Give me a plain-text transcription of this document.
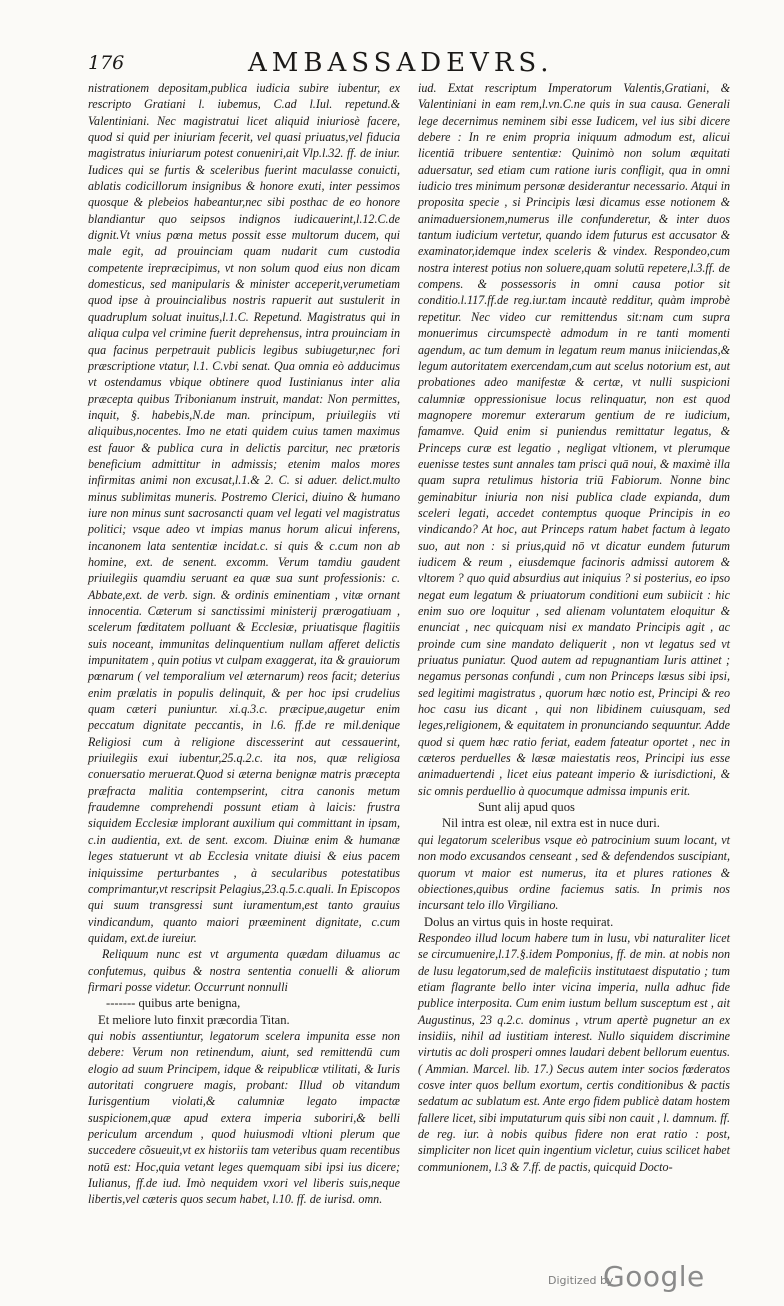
176	AMBASSADEVRS.

nistrationem depositam,publica iudicia subire iubentur, ex rescripto Gratiani l. iubemus, C.ad l.Iul. repetund.& Valentiniani. Nec magistratui licet aliquid iniuriosè facere, quod si quid per iniuriam fecerit, vel quasi priuatus,vel fiducia magistratus iniuriarum potest conueniri,ait Vlp.l.32. ff. de iniur. Iudices qui se furtis & sceleribus fuerint maculasse conuicti, ablatis codicillorum insignibus & honore exuti, inter pessimos quosque & plebeios habeantur,nec sibi posthac de eo honore blandiantur quo seipsos indignos iudicauerint,l.12.C.de dignit.Vt vnius pœna metus possit esse multorum ducem, qui male egit, ad prouinciam quam nudarit cum custodia competente irepræcipimus, vt non solum quod eius non dicam domesticus, sed manipularis & minister acceperit,verumetiam quod ipse à prouincialibus nostris rapuerit aut sustulerit in quadruplum soluat inuitus,l.1.C. Repetund. Magistratus qui in aliqua culpa vel crimine fuerit deprehensus, intra prouinciam in qua facinus perpetrauit publicis legibus subiugetur,nec fori præscriptione vtatur, l.1. C.vbi senat. Qua omnia eò adducimus vt ostendamus vbique obtinere quod Iustinianus inter alia præcepta quibus Tribonianum instruit, mandat: Non permittes, inquit, §. habebis,N.de man. principum, priuilegiis vti aliquibus,nocentes. Imo ne etati quidem cuius tamen maximus est fauor & publica cura in delictis parcitur, nec prætoris beneficium admittitur in admissis; etenim malos mores infirmitas animi non excusat,l.1.& 2. C. si aduer. delict.multo minus sublimitas muneris. Postremo Clerici, diuino & humano iure non minus sunt sacrosancti quam vel legati vel magistratus politici; vsque adeo vt impias manus horum alicui inferens, incanonem lata sententiæ incidat.c. si quis & c.cum non ab homine, ext. de senent. excomm. Verum tamdiu gaudent priuilegiis quamdiu seruant ea quæ sua sunt professionis: c. Abbate,ext. de verb. sign. & ordinis eminentiam , vitæ ornant innocentia. Cæterum si sanctissimi ministerij prærogatiuam , scelerum fœditatem polluant & Ecclesiæ, priuatisque flagitiis suis noceant, immunitas delinquentium nullam afferet delictis impunitatem , quin potius vt culpam exaggerat, ita & grauiorum pœnarum ( vel temporalium vel æternarum) reos facit; deterius enim prælatis in populis delinquit, & per hoc ipsi crudelius quam cæteri puniuntur. xi.q.3.c. præcipue,augetur enim peccatum dignitate peccantis, in l.6. ff.de re mil.denique Religiosi cum à religione discesserint aut cessauerint, priuilegiis exui iubentur,25.q.2.c. ita nos, quæ religiosa conuersatio meruerat.Quod si æterna benignæ matris præcepta præfracta malitia contempserint, citra canonis metum fraudemne comprehendi possunt etiam à laicis: frustra siquidem Ecclesiæ implorant auxilium qui committant in ipsam, c.in audientia, ext. de sent. excom. Diuinæ enim & humanæ leges statuerunt vt ab Ecclesia vnitate diuisi & eius pacem iniquissime perturbantes , à secularibus potestatibus comprimantur,vt rescripsit Pelagius,23.q.5.c.quali. In Episcopos qui suum transgressi sunt iuramentum,est tanto grauius vindicandum, quanto maiori præeminent dignitate, c.cum quidam, ext.de iureiur.

Reliquum nunc est vt argumenta quædam diluamus ac confutemus, quibus & nostra sententia conuelli & aliorum firmari posse videtur. Occurrunt nonnulli

------- quibus arte benigna,
Et meliore luto finxit præcordia Titan.

qui nobis assentiuntur, legatorum scelera impunita esse non debere: Verum non retinendum, aiunt, sed remittendū cum elogio ad suum Principem, idque & reipublicæ vtilitati, & Iuris autoritati congruere magis, probant: Illud ob vitandum Iurisgentium violati,& calumniæ legato impactæ suspicionem,quæ apud extera imperia suboriri,& belli periculum arcendum , quod huiusmodi vltioni plerum que succedere cõsueuit,vt ex historiis tam veteribus quam recentibus notū est: Hoc,quia vetant leges quemquam sibi ipsi ius dicere; Iulianus, ff.de iud. Imò nequidem vxori vel liberis suis,neque libertis,vel cæteris quos secum habet, l.10. ff. de iurisd. omn.

iud. Extat rescriptum Imperatorum Valentis,Gratiani, & Valentiniani in eam rem,l.vn.C.ne quis in sua causa. Generali lege decernimus neminem sibi esse Iudicem, vel ius sibi dicere debere : In re enim propria iniquum admodum est, alicui licentiā tribuere sententiæ: Quinimò non solum æquitati aduersatur, sed etiam cum ratione iuris confligit, qua in omni iudicio tres minimum personæ desiderantur necessario. Atqui in proposita specie , si Principis læsi dicamus esse notionem & animaduersionem,numerus ille confunderetur, & inter duos tantum iudicium vertetur, quando idem futurus est accusator & examinator,idemque index sceleris & vindex. Respondeo,cum nostra interest potius non soluere,quam solutū repetere,l.3.ff. de compens. & possessoris in omni causa potior sit conditio.l.117.ff.de reg.iur.tam incautè redditur, quàm improbè repetitur. Nec video cur remittendus sit:nam cum supra monuerimus circumspectè admodum in re tanti momenti agendum, ac tum demum in legatum reum manus iniiciendas,& legum autoritatem exercendam,cum aut scelus notorium est, aut probationes adeo manifestæ & certæ, vt nulli suspicioni calumniæ oppressionisue locus relinquatur, non est quod magnopere moremur exterarum gentium de re iudicium, famamve. Quid enim si puniendus remittatur legatus, & Princeps curæ est legatio , negligat vltionem, vt plerumque euenisse testes sunt annales tam prisci quā noui, & maximè illa quam supra retulimus historia triū Fabiorum. Nonne binc geminabitur iniuria non nisi publica clade expianda, dum sceleri legati, accedet contemptus quoque Principis in eo vindicando? At hoc, aut Princeps ratum habet factum à legato suo, aut non : si prius,quid nō vt dicatur eundem futurum iudicem & reum , eiusdemque facinoris admissi autorem & vltorem ? quo quid absurdius aut iniquius ? si posterius, eo ipso negat eum legatum & priuatorum conditioni eum subiicit : hic enim suo ore loquitur , sed alienam voluntatem eloquitur & enunciat , nec quicquam nisi ex mandato Principis agit , ac proinde cum sine mandato deliquerit , non vt legatus sed vt priuatus puniatur. Quod autem ad repugnantiam Iuris attinet ; negamus personas confundi , cum non Princeps læsus sibi ipsi, sed legitimi magistratus , quorum hæc notio est, Principi & reo hoc casu ius dicant , qui non libidinem cuiusquam, sed leges,religionem, & equitatem in pronunciando sequuntur. Adde quod si quem hæc ratio feriat, eadem fateatur oportet , nec in cæteros perduelles & læsæ maiestatis reos, Principi ius esse animaduertendi , licet eius pateant imperio & iurisdictioni, & sic omnis perduellio à quocumque admissa impunis erit.

Sunt alij apud quos
Nil intra est oleæ, nil extra est in nuce duri.

qui legatorum sceleribus vsque eò patrocinium suum locant, vt non modo excusandos censeant , sed & defendendos suscipiant, quorum vt maior est numerus, ita et plures rationes & obiectiones,quibus ordine faciemus satis. In primis nos incursant telo illo Virgiliano.

Dolus an virtus quis in hoste requirat.

Respondeo illud locum habere tum in lusu, vbi naturaliter licet se circumuenire,l.17.§.idem Pomponius, ff. de min. at nobis non de lusu legatorum,sed de maleficiis institutaest disputatio ; tum etiam flagrante bello inter vicina imperia, nulla adhuc fide publice interposita. Cum enim iustum bellum susceptum est , ait Augustinus, 23 q.2.c. dominus , vtrum apertè pugnetur an ex insidiis, nihil ad iustitiam interest. Nullo siquidem discrimine virtutis ac doli prosperi omnes laudari debent bellorum euentus. ( Ammian. Marcel. lib. 17.) Secus autem inter socios fœderatos cosve inter quos bellum exortum, certis conditionibus & pactis sedatum ac sublatum est. Ante ergo fidem publicè datam hostem fallere licet, sibi imputaturum quis sibi non cauit , l. damnum. ff. de reg. iur. à nobis quibus fidere non erat ratio : post, simpliciter non licet quin ingentium vicletur, cuius scilicet habet communionem, l.3 & 7.ff. de pactis, quicquid Docto-

Digitized by
Google
